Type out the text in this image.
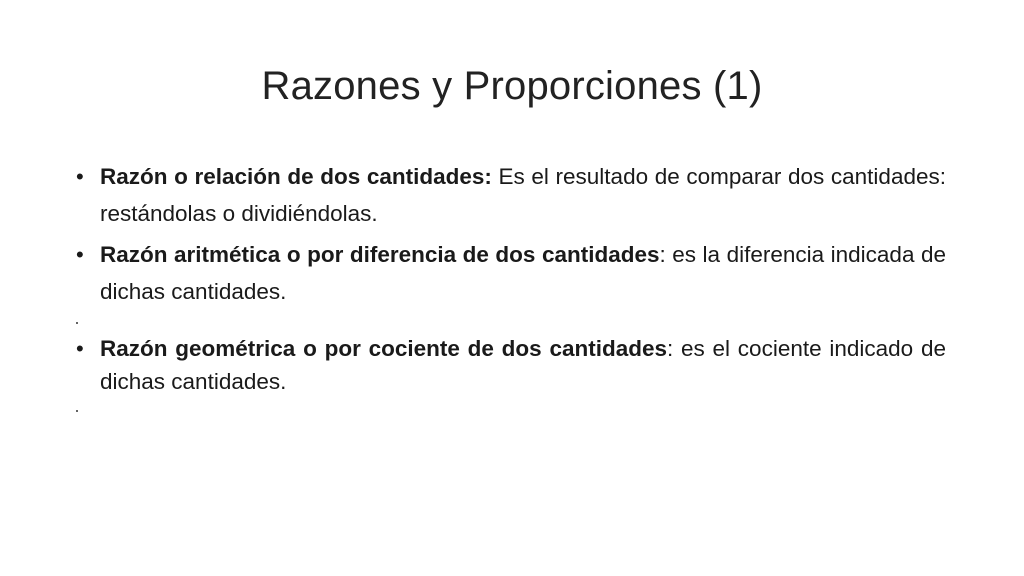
Razones y Proporciones (1)
• Razón o relación de dos cantidades: Es el resultado de comparar dos cantidades: restándolas o dividiéndolas.
• Razón aritmética o por diferencia de dos cantidades: es la diferencia indicada de dichas cantidades.
• Razón geométrica o por cociente de dos cantidades: es el cociente indicado de dichas cantidades.
